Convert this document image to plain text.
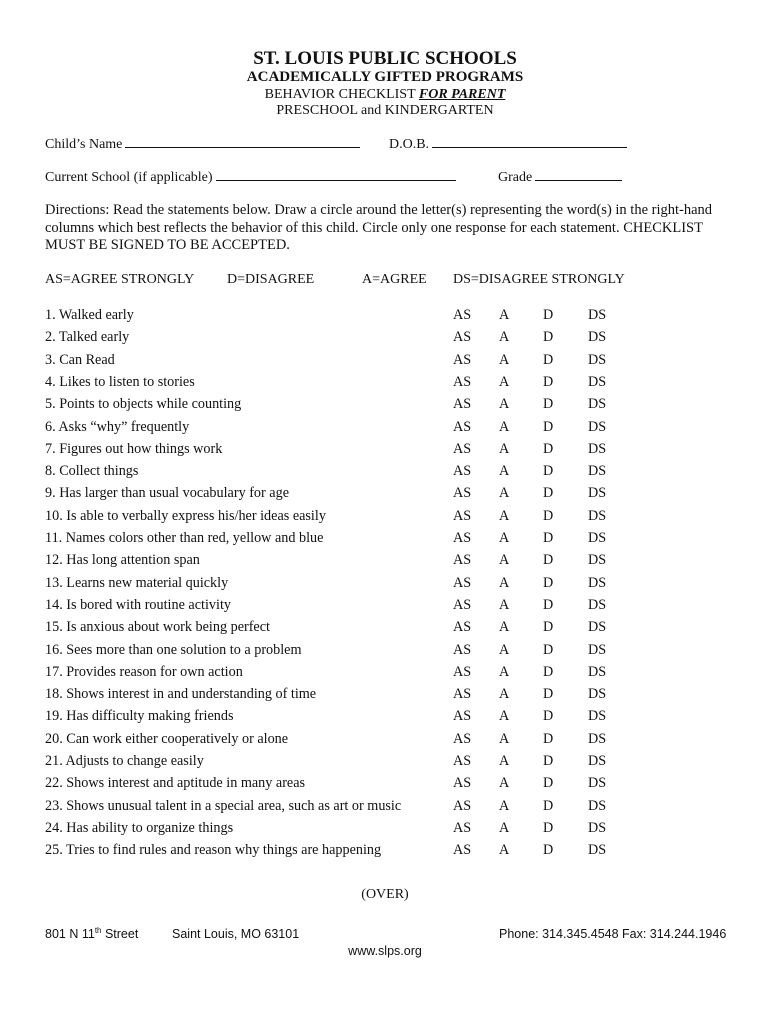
ST. LOUIS PUBLIC SCHOOLS
ACADEMICALLY GIFTED PROGRAMS
BEHAVIOR CHECKLIST FOR PARENT
PRESCHOOL and KINDERGARTEN
Child’s Name	D.O.B.
Current School (if applicable)	Grade
Directions: Read the statements below. Draw a circle around the letter(s) representing the word(s) in the right-hand columns which best reflects the behavior of this child. Circle only one response for each statement. CHECKLIST MUST BE SIGNED TO BE ACCEPTED.
AS=AGREE STRONGLY D=DISAGREE	A=AGREE DS=DISAGREE STRONGLY
1. Walked early	AS A D DS
2. Talked early	AS A D DS
3. Can Read	AS A D DS
4. Likes to listen to stories	AS A D DS
5. Points to objects while counting	AS A D DS
6. Asks “why” frequently	AS A D DS
7. Figures out how things work	AS A D DS
8. Collect things	AS A D DS
9. Has larger than usual vocabulary for age	AS A D DS
10. Is able to verbally express his/her ideas easily	AS A D DS
11. Names colors other than red, yellow and blue	AS A D DS
12. Has long attention span	AS A D DS
13. Learns new material quickly	AS A D DS
14. Is bored with routine activity	AS A D DS
15. Is anxious about work being perfect	AS A D DS
16. Sees more than one solution to a problem	AS A D DS
17. Provides reason for own action	AS A D DS
18. Shows interest in and understanding of time	AS A D DS
19. Has difficulty making friends	AS A D DS
20. Can work either cooperatively or alone	AS A D DS
21. Adjusts to change easily	AS A D DS
22. Shows interest and aptitude in many areas	AS A D DS
23. Shows unusual talent in a special area, such as art or music	AS A D DS
24. Has ability to organize things	AS A D DS
25. Tries to find rules and reason why things are happening	AS A D DS
(OVER)
801 N 11th Street	Saint Louis, MO 63101	Phone: 314.345.4548 Fax: 314.244.1946
www.slps.org
